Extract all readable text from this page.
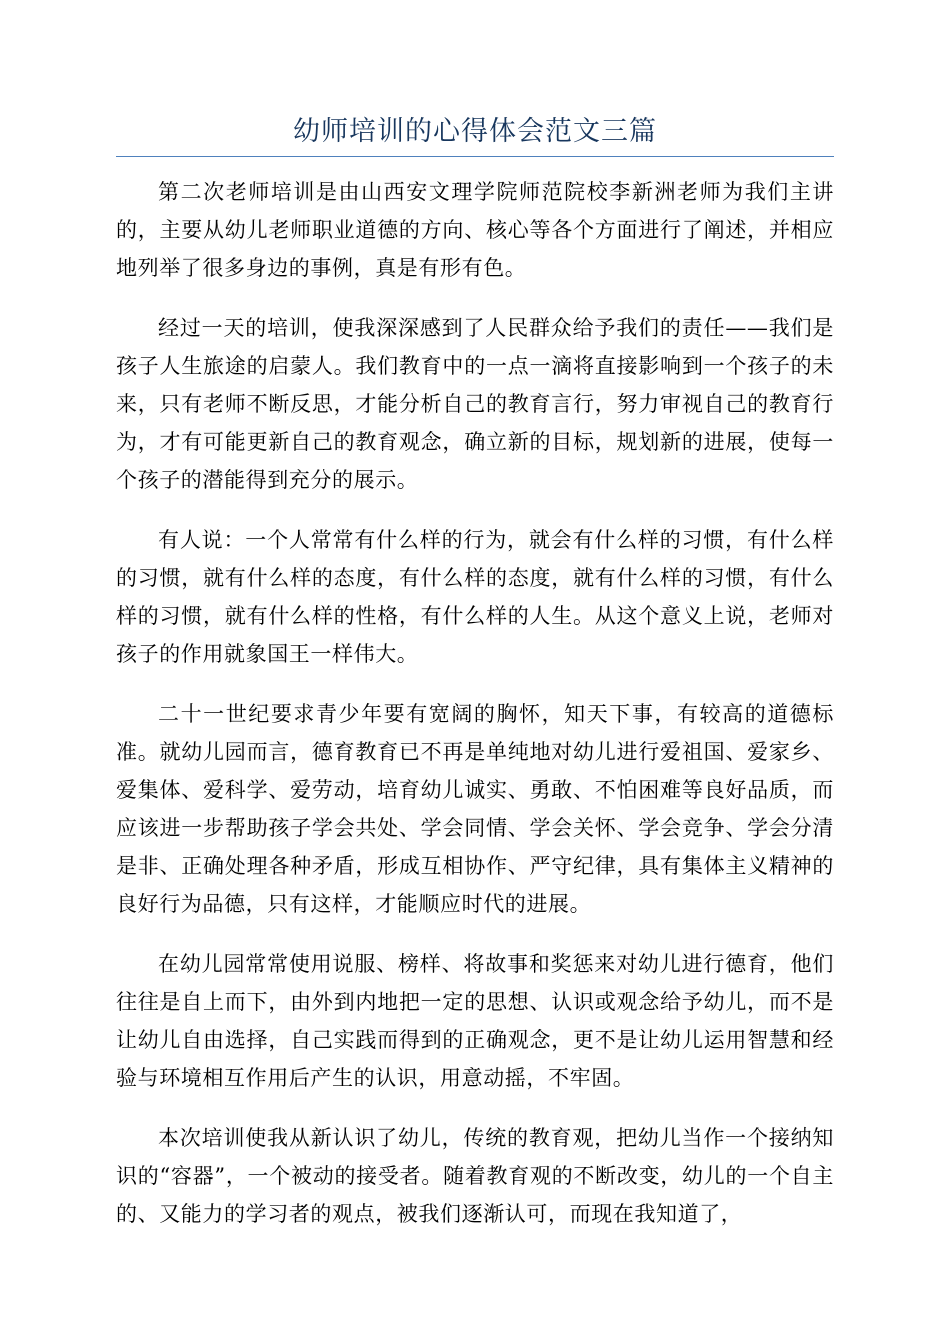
幼师培训的心得体会范文三篇

第二次老师培训是由山西安文理学院师范院校李新洲老师为我们主讲的，主要从幼儿老师职业道德的方向、核心等各个方面进行了阐述，并相应地列举了很多身边的事例，真是有形有色。

经过一天的培训，使我深深感到了人民群众给予我们的责任——我们是孩子人生旅途的启蒙人。我们教育中的一点一滴将直接影响到一个孩子的未来，只有老师不断反思，才能分析自己的教育言行，努力审视自己的教育行为，才有可能更新自己的教育观念，确立新的目标，规划新的进展，使每一个孩子的潜能得到充分的展示。

有人说：一个人常常有什么样的行为，就会有什么样的习惯，有什么样的习惯，就有什么样的态度，有什么样的态度，就有什么样的习惯，有什么样的习惯，就有什么样的性格，有什么样的人生。从这个意义上说，老师对孩子的作用就象国王一样伟大。

二十一世纪要求青少年要有宽阔的胸怀，知天下事，有较高的道德标准。就幼儿园而言，德育教育已不再是单纯地对幼儿进行爱祖国、爱家乡、爱集体、爱科学、爱劳动，培育幼儿诚实、勇敢、不怕困难等良好品质，而应该进一步帮助孩子学会共处、学会同情、学会关怀、学会竞争、学会分清是非、正确处理各种矛盾，形成互相协作、严守纪律，具有集体主义精神的良好行为品德，只有这样，才能顺应时代的进展。

在幼儿园常常使用说服、榜样、将故事和奖惩来对幼儿进行德育，他们往往是自上而下，由外到内地把一定的思想、认识或观念给予幼儿，而不是让幼儿自由选择，自己实践而得到的正确观念，更不是让幼儿运用智慧和经验与环境相互作用后产生的认识，用意动摇，不牢固。

本次培训使我从新认识了幼儿，传统的教育观，把幼儿当作一个接纳知识的“容器”，一个被动的接受者。随着教育观的不断改变，幼儿的一个自主的、又能力的学习者的观点，被我们逐渐认可，而现在我知道了，
